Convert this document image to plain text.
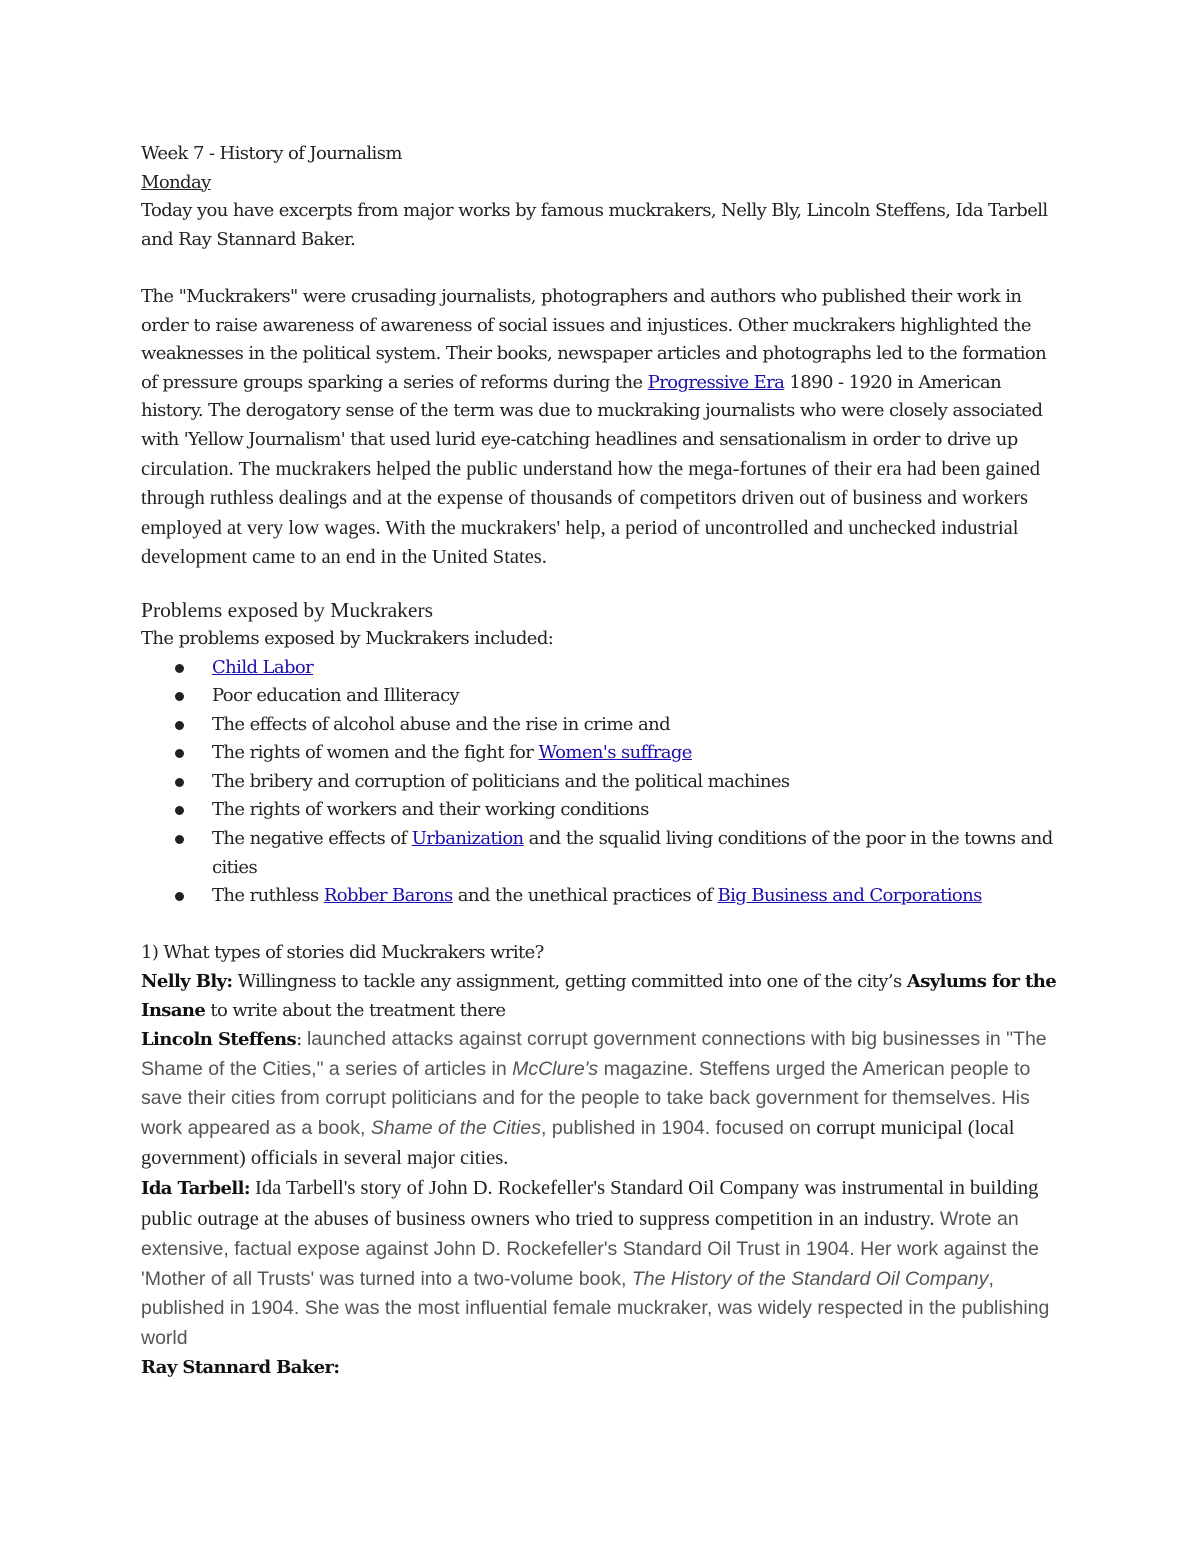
Week 7 - History of Journalism

Monday

Today you have excerpts from major works by famous muckrakers, Nelly Bly, Lincoln Steffens, Ida Tarbell and Ray Stannard Baker.

The "Muckrakers" were crusading journalists, photographers and authors who published their work in order to raise awareness of awareness of social issues and injustices. Other muckrakers highlighted the weaknesses in the political system. Their books, newspaper articles and photographs led to the formation of pressure groups sparking a series of reforms during the Progressive Era 1890 - 1920 in American history. The derogatory sense of the term was due to muckraking journalists who were closely associated with 'Yellow Journalism' that used lurid eye-catching headlines and sensationalism in order to drive up circulation. The muckrakers helped the public understand how the mega-fortunes of their era had been gained through ruthless dealings and at the expense of thousands of competitors driven out of business and workers employed at very low wages. With the muckrakers' help, a period of uncontrolled and unchecked industrial development came to an end in the United States.

Problems exposed by Muckrakers

The problems exposed by Muckrakers included:

Child Labor
Poor education and Illiteracy
The effects of alcohol abuse and the rise in crime and
The rights of women and the fight for Women's suffrage
The bribery and corruption of politicians and the political machines
The rights of workers and their working conditions
The negative effects of Urbanization and the squalid living conditions of the poor in the towns and cities
The ruthless Robber Barons and the unethical practices of Big Business and Corporations

1) What types of stories did Muckrakers write?

Nelly Bly: Willingness to tackle any assignment, getting committed into one of the city’s Asylums for the Insane to write about the treatment there

Lincoln Steffens: launched attacks against corrupt government connections with big businesses in "The Shame of the Cities," a series of articles in McClure's magazine. Steffens urged the American people to save their cities from corrupt politicians and for the people to take back government for themselves. His work appeared as a book, Shame of the Cities, published in 1904. focused on corrupt municipal (local government) officials in several major cities.

Ida Tarbell: Ida Tarbell's story of John D. Rockefeller's Standard Oil Company was instrumental in building public outrage at the abuses of business owners who tried to suppress competition in an industry. Wrote an extensive, factual expose against John D. Rockefeller's Standard Oil Trust in 1904. Her work against the 'Mother of all Trusts' was turned into a two-volume book, The History of the Standard Oil Company, published in 1904. She was the most influential female muckraker, was widely respected in the publishing world

Ray Stannard Baker:
